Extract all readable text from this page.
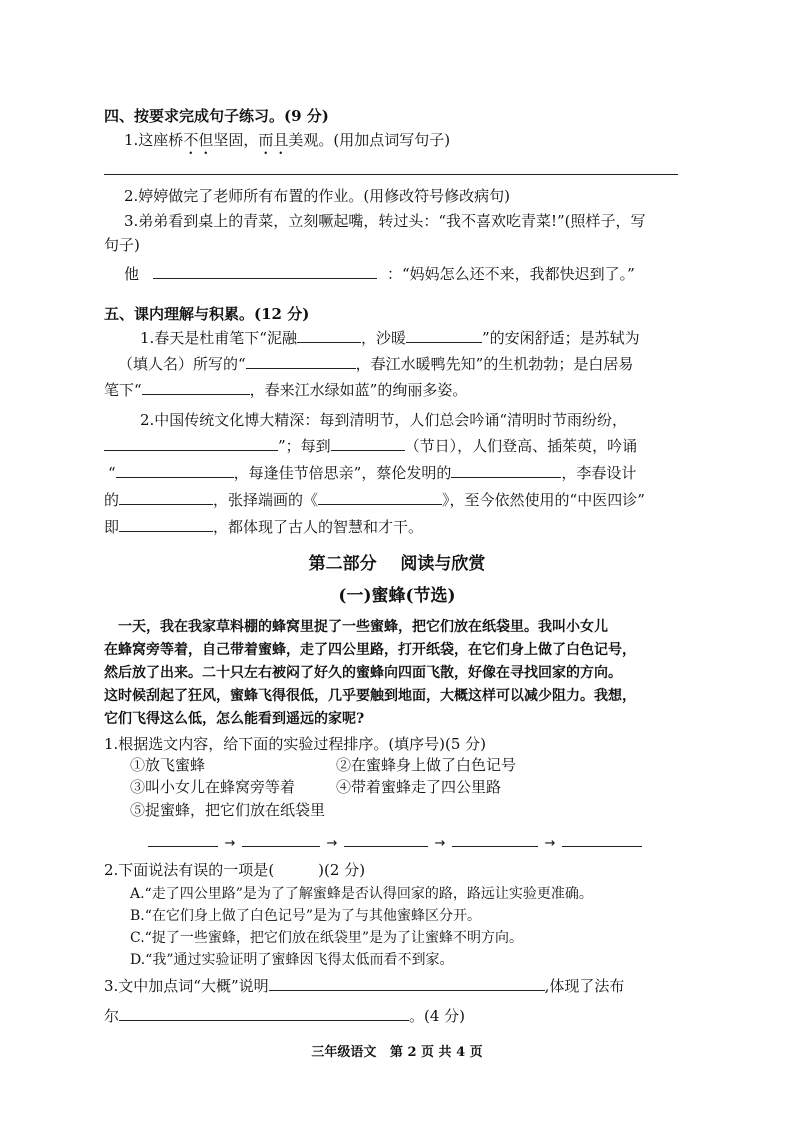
四、按要求完成句子练习。(9 分)
1.这座桥不但坚固，而且美观。(用加点词写句子)
2.婷婷做完了老师所有布置的作业。(用修改符号修改病句)
3.弟弟看到桌上的青菜，立刻噘起嘴，转过头：“我不喜欢吃青菜!”(照样子，写
句子)
他	：“妈妈怎么还不来，我都快迟到了。”
五、课内理解与积累。(12 分)
1.春天是杜甫笔下“泥融	，沙暖	”的安闲舒适；是苏轼为
（填人名）所写的“	，春江水暖鸭先知”的生机勃勃；是白居易
笔下“	，春来江水绿如蓝”的绚丽多姿。
2.中国传统文化博大精深：每到清明节，人们总会吟诵“清明时节雨纷纷，
”；每到	（节日），人们登高、插茱萸，吟诵
“	，每逢佳节倍思亲”，蔡伦发明的	，李春设计
的	，张择端画的《	》，至今依然使用的“中医四诊”
即	，都体现了古人的智慧和才干。
第二部分    阅读与欣赏
(一)蜜蜂(节选)
一天，我在我家草料棚的蜂窝里捉了一些蜜蜂，把它们放在纸袋里。我叫小女儿
在蜂窝旁等着，自己带着蜜蜂，走了四公里路，打开纸袋，在它们身上做了白色记号，
然后放了出来。二十只左右被闷了好久的蜜蜂向四面飞散，好像在寻找回家的方向。
这时候刮起了狂风，蜜蜂飞得很低，几乎要触到地面，大概这样可以减少阻力。我想，
它们飞得这么低，怎么能看到遥远的家呢?
1.根据选文内容，给下面的实验过程排序。(填序号)(5 分)
①放飞蜜蜂	②在蜜蜂身上做了白色记号
③叫小女儿在蜂窝旁等着	④带着蜜蜂走了四公里路
⑤捉蜜蜂，把它们放在纸袋里
→	→	→	→
2.下面说法有误的一项是(	)(2 分)
A.“走了四公里路”是为了了解蜜蜂是否认得回家的路，路远让实验更准确。
B.“在它们身上做了白色记号”是为了与其他蜜蜂区分开。
C.“捉了一些蜜蜂，把它们放在纸袋里”是为了让蜜蜂不明方向。
D.“我”通过实验证明了蜜蜂因飞得太低而看不到家。
3.文中加点词“大概”说明	,体现了法布
尔	。(4 分)
三年级语文   第 2 页 共 4 页
